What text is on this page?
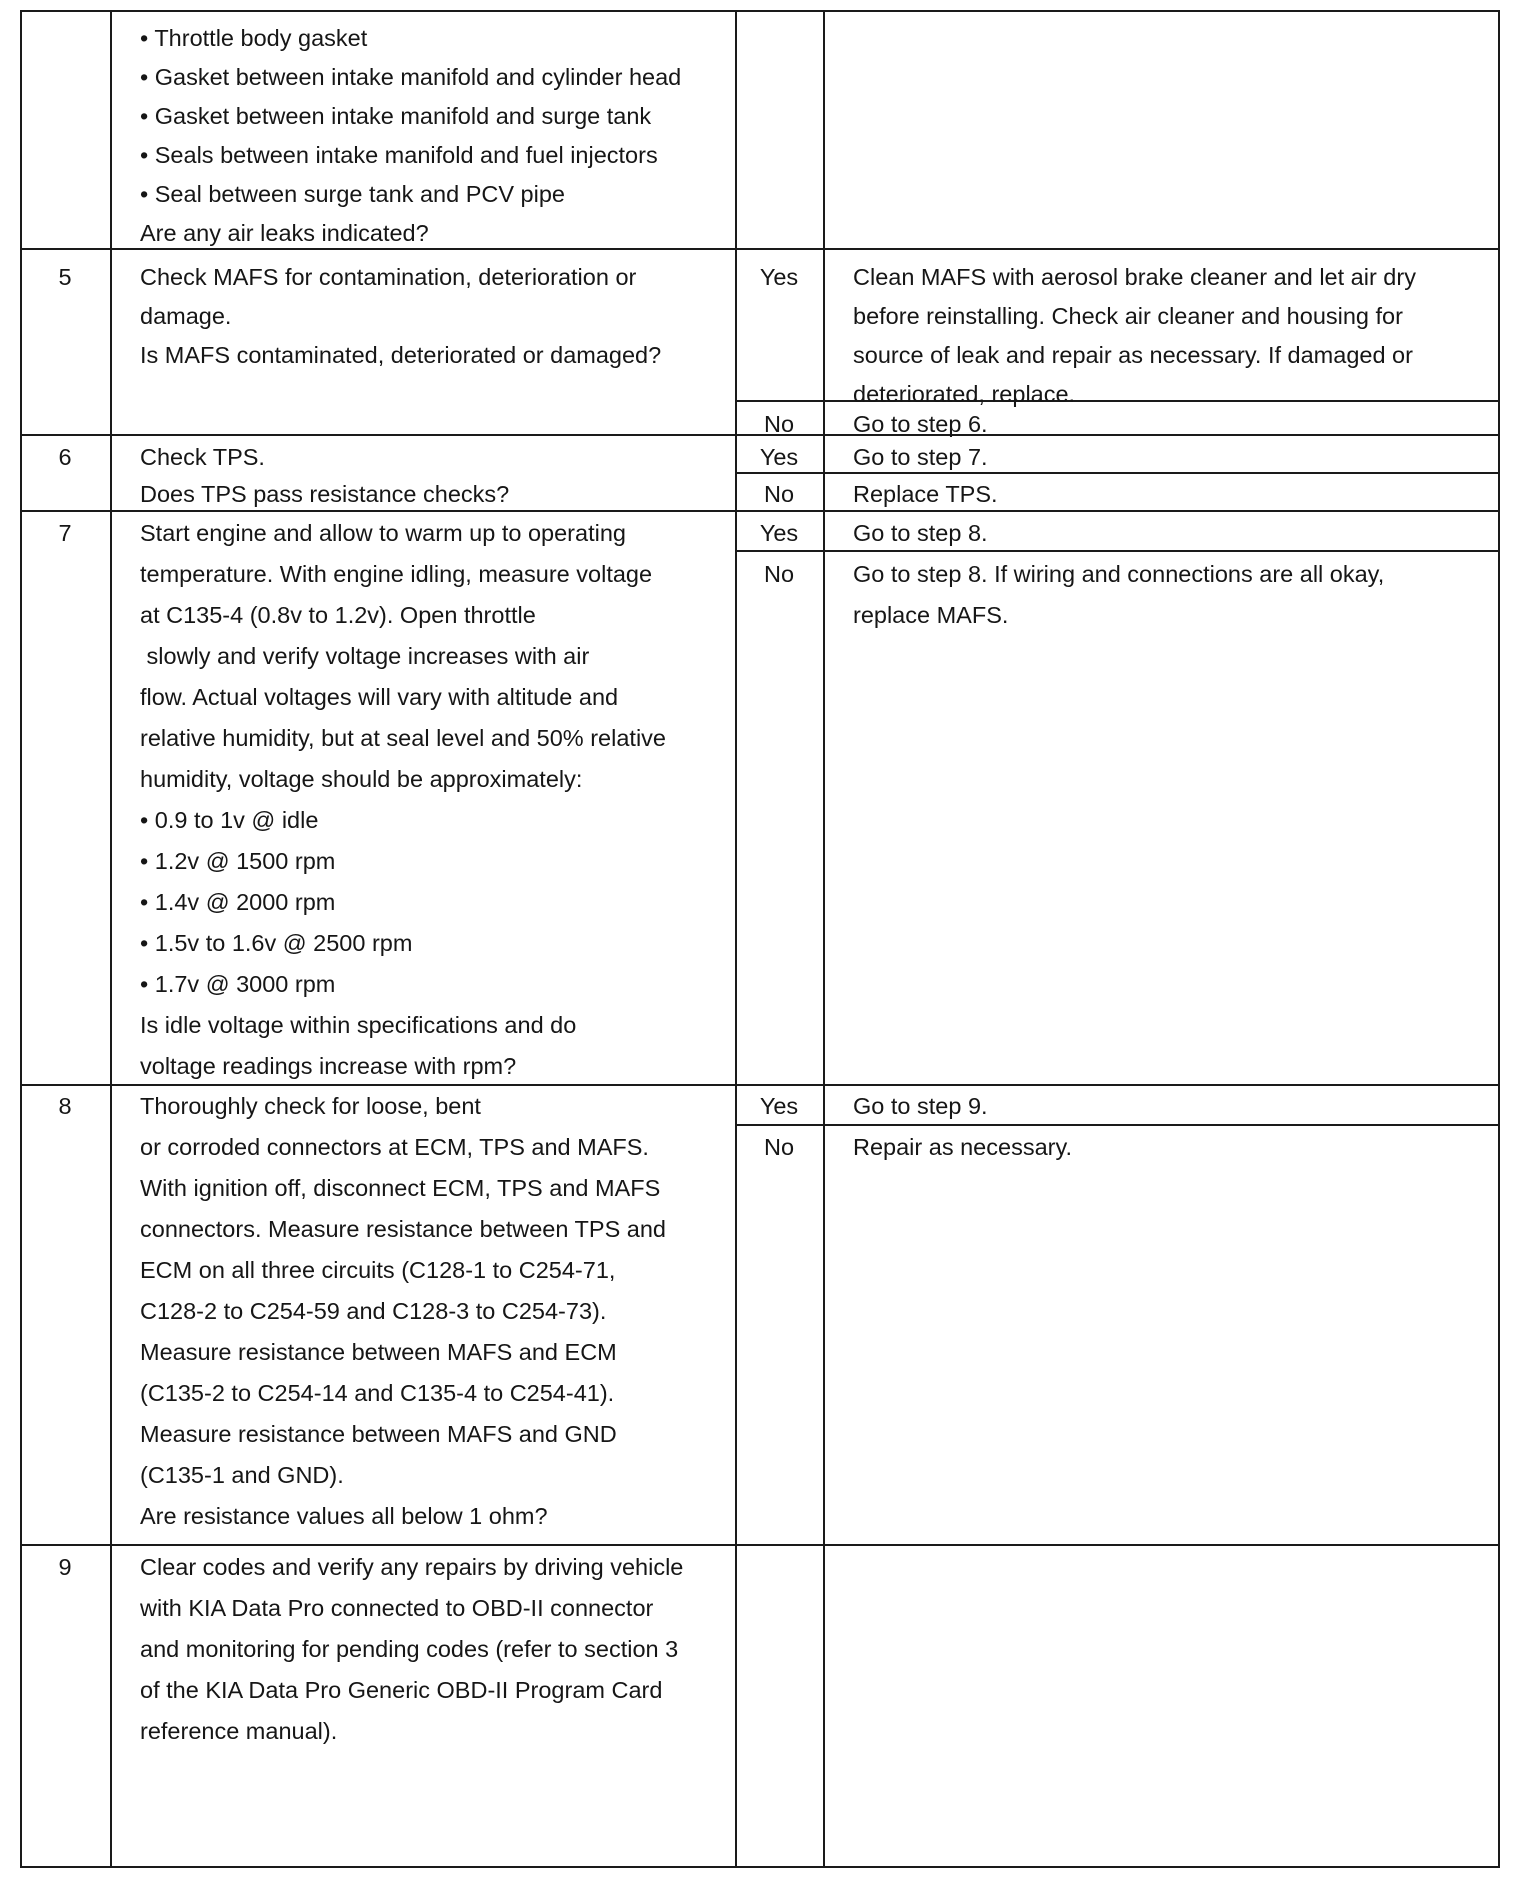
• Throttle body gasket
• Gasket between intake manifold and cylinder head
• Gasket between intake manifold and surge tank
• Seals between intake manifold and fuel injectors
• Seal between surge tank and PCV pipe
Are any air leaks indicated?
5	Check MAFS for contamination, deterioration or
damage.
Is MAFS contaminated, deteriorated or damaged?
Yes	Clean MAFS with aerosol brake cleaner and let air dry
before reinstalling. Check air cleaner and housing for
source of leak and repair as necessary. If damaged or
deteriorated, replace.
No	Go to step 6.
6	Check TPS.
Does TPS pass resistance checks?
Yes	Go to step 7.
No	Replace TPS.
7	Start engine and allow to warm up to operating
temperature. With engine idling, measure voltage
at C135-4 (0.8v to 1.2v). Open throttle
slowly and verify voltage increases with air
flow. Actual voltages will vary with altitude and
relative humidity, but at seal level and 50% relative
humidity, voltage should be approximately:
• 0.9 to 1v @ idle
• 1.2v @ 1500 rpm
• 1.4v @ 2000 rpm
• 1.5v to 1.6v @ 2500 rpm
• 1.7v @ 3000 rpm
Is idle voltage within specifications and do
voltage readings increase with rpm?
Yes	Go to step 8.
No	Go to step 8. If wiring and connections are all okay,
replace MAFS.
8	Thoroughly check for loose, bent
or corroded connectors at ECM, TPS and MAFS.
With ignition off, disconnect ECM, TPS and MAFS
connectors. Measure resistance between TPS and
ECM on all three circuits (C128-1 to C254-71,
C128-2 to C254-59 and C128-3 to C254-73).
Measure resistance between MAFS and ECM
(C135-2 to C254-14 and C135-4 to C254-41).
Measure resistance between MAFS and GND
(C135-1 and GND).
Are resistance values all below 1 ohm?
Yes	Go to step 9.
No	Repair as necessary.
9	Clear codes and verify any repairs by driving vehicle
with KIA Data Pro connected to OBD-II connector
and monitoring for pending codes (refer to section 3
of the KIA Data Pro Generic OBD-II Program Card
reference manual).
